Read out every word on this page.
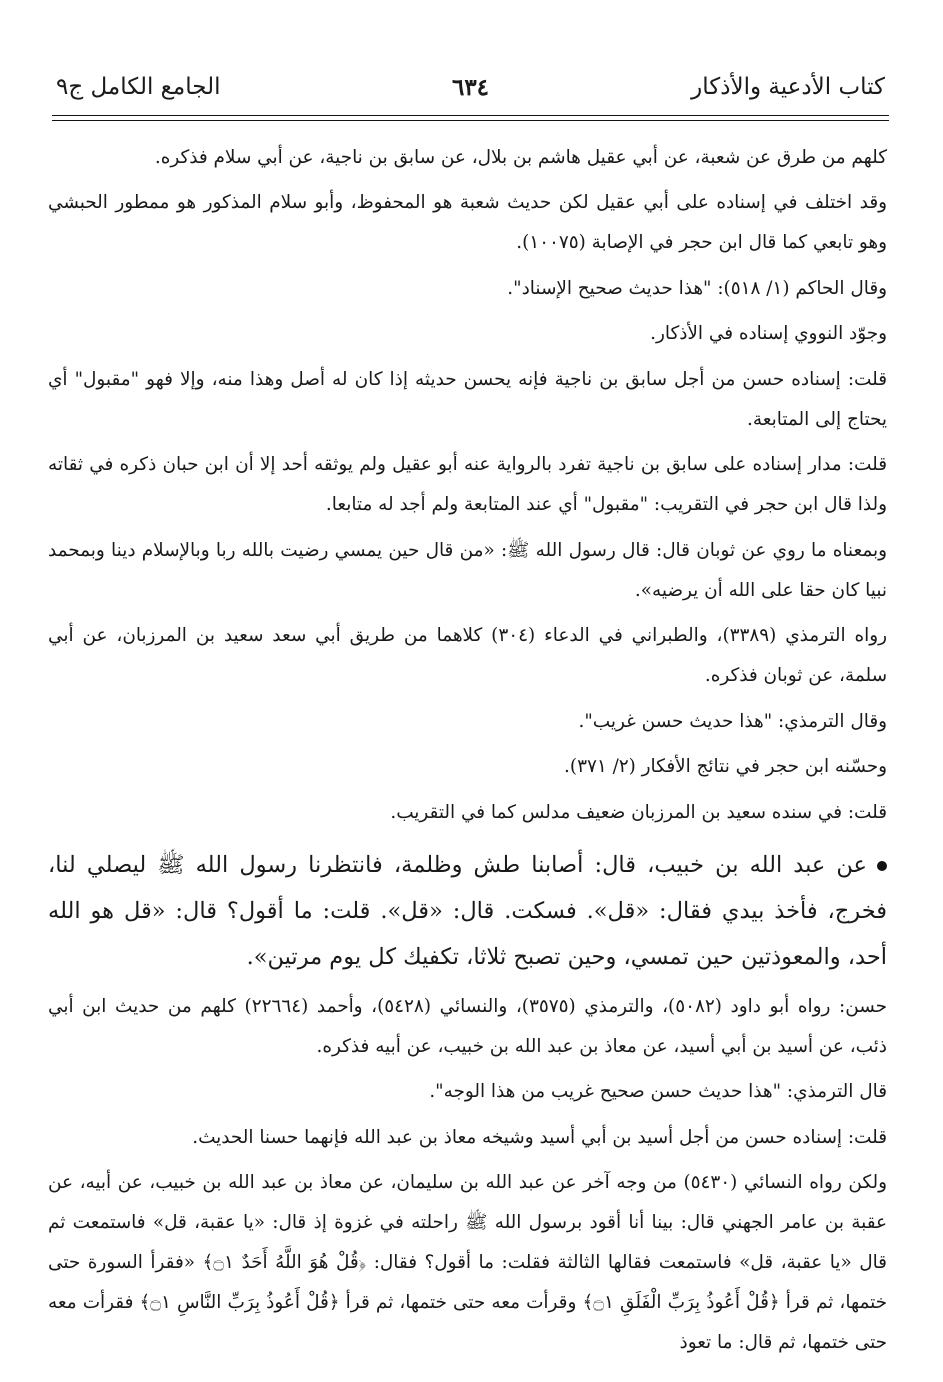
كتاب الأدعية والأذكار
٦٣٤
الجامع الكامل ج٩

كلهم من طرق عن شعبة، عن أبي عقيل هاشم بن بلال، عن سابق بن ناجية، عن أبي سلام فذكره.

وقد اختلف في إسناده على أبي عقيل لكن حديث شعبة هو المحفوظ، وأبو سلام المذكور هو ممطور الحبشي وهو تابعي كما قال ابن حجر في الإصابة (١٠٠٧٥).

وقال الحاكم (١/ ٥١٨): "هذا حديث صحيح الإسناد".

وجوّد النووي إسناده في الأذكار.

قلت: إسناده حسن من أجل سابق بن ناجية فإنه يحسن حديثه إذا كان له أصل وهذا منه، وإلا فهو "مقبول" أي يحتاج إلى المتابعة.

قلت: مدار إسناده على سابق بن ناجية تفرد بالرواية عنه أبو عقيل ولم يوثقه أحد إلا أن ابن حبان ذكره في ثقاته ولذا قال ابن حجر في التقريب: "مقبول" أي عند المتابعة ولم أجد له متابعا.

وبمعناه ما روي عن ثوبان قال: قال رسول الله ﷺ: «من قال حين يمسي رضيت بالله ربا وبالإسلام دينا وبمحمد نبيا كان حقا على الله أن يرضيه».

رواه الترمذي (٣٣٨٩)، والطبراني في الدعاء (٣٠٤) كلاهما من طريق أبي سعد سعيد بن المرزبان، عن أبي سلمة، عن ثوبان فذكره.

وقال الترمذي: "هذا حديث حسن غريب".

وحسّنه ابن حجر في نتائج الأفكار (٢/ ٣٧١).

قلت: في سنده سعيد بن المرزبان ضعيف مدلس كما في التقريب.

عن عبد الله بن خبيب، قال: أصابنا طش وظلمة، فانتظرنا رسول الله ﷺ ليصلي لنا، فخرج، فأخذ بيدي فقال: «قل». فسكت. قال: «قل». قلت: ما أقول؟ قال: «قل هو الله أحد، والمعوذتين حين تمسي، وحين تصبح ثلاثا، تكفيك كل يوم مرتين».

حسن: رواه أبو داود (٥٠٨٢)، والترمذي (٣٥٧٥)، والنسائي (٥٤٢٨)، وأحمد (٢٢٦٦٤) كلهم من حديث ابن أبي ذئب، عن أسيد بن أبي أسيد، عن معاذ بن عبد الله بن خبيب، عن أبيه فذكره.

قال الترمذي: "هذا حديث حسن صحيح غريب من هذا الوجه".

قلت: إسناده حسن من أجل أسيد بن أبي أسيد وشيخه معاذ بن عبد الله فإنهما حسنا الحديث.

ولكن رواه النسائي (٥٤٣٠) من وجه آخر عن عبد الله بن سليمان، عن معاذ بن عبد الله بن خبيب، عن أبيه، عن عقبة بن عامر الجهني قال: بينا أنا أقود برسول الله ﷺ راحلته في غزوة إذ قال: «يا عقبة، قل» فاستمعت ثم قال «يا عقبة، قل» فاستمعت فقالها الثالثة فقلت: ما أقول؟ فقال: ﴿قُلْ هُوَ اللَّهُ أَحَدٌ ۝١﴾ «فقرأ السورة حتى ختمها، ثم قرأ ﴿قُلْ أَعُوذُ بِرَبِّ الْفَلَقِ ۝١﴾ وقرأت معه حتى ختمها، ثم قرأ ﴿قُلْ أَعُوذُ بِرَبِّ النَّاسِ ۝١﴾ فقرأت معه حتى ختمها، ثم قال: ما تعوذ
